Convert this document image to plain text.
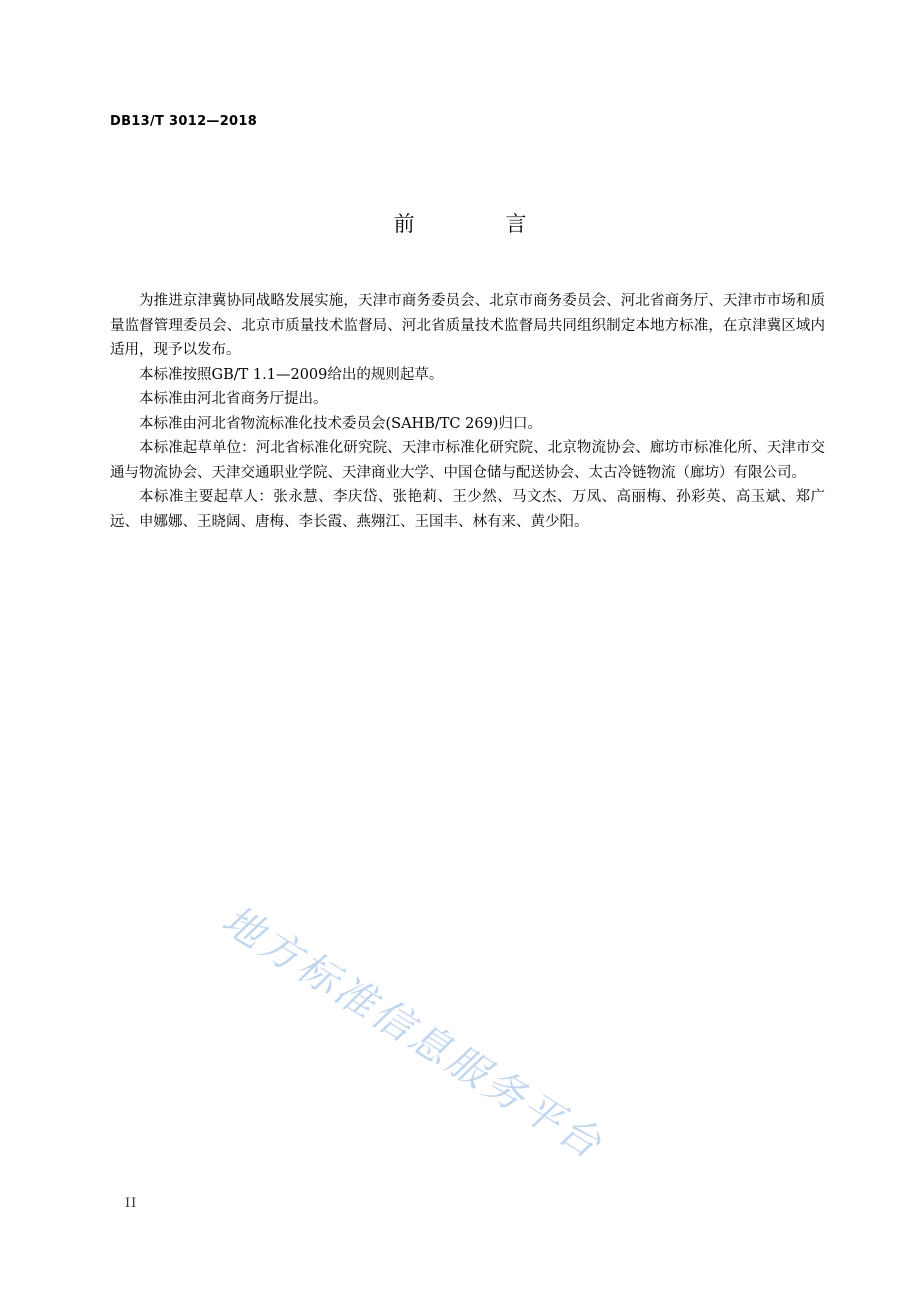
DB13/T 3012—2018
前 言

为推进京津冀协同战略发展实施，天津市商务委员会、北京市商务委员会、河北省商务厅、天津市市场和质量监督管理委员会、北京市质量技术监督局、河北省质量技术监督局共同组织制定本地方标准，在京津冀区域内适用，现予以发布。

本标准按照GB/T 1.1—2009给出的规则起草。

本标准由河北省商务厅提出。

本标准由河北省物流标准化技术委员会(SAHB/TC 269)归口。

本标准起草单位：河北省标准化研究院、天津市标准化研究院、北京物流协会、廊坊市标准化所、天津市交通与物流协会、天津交通职业学院、天津商业大学、中国仓储与配送协会、太古冷链物流（廊坊）有限公司。

本标准主要起草人：张永慧、李庆岱、张艳莉、王少然、马文杰、万凤、高丽梅、孙彩英、高玉斌、郑广远、申娜娜、王晓阔、唐梅、李长霞、燕翙江、王国丰、林有来、黄少阳。

地方标准信息服务平台
II
